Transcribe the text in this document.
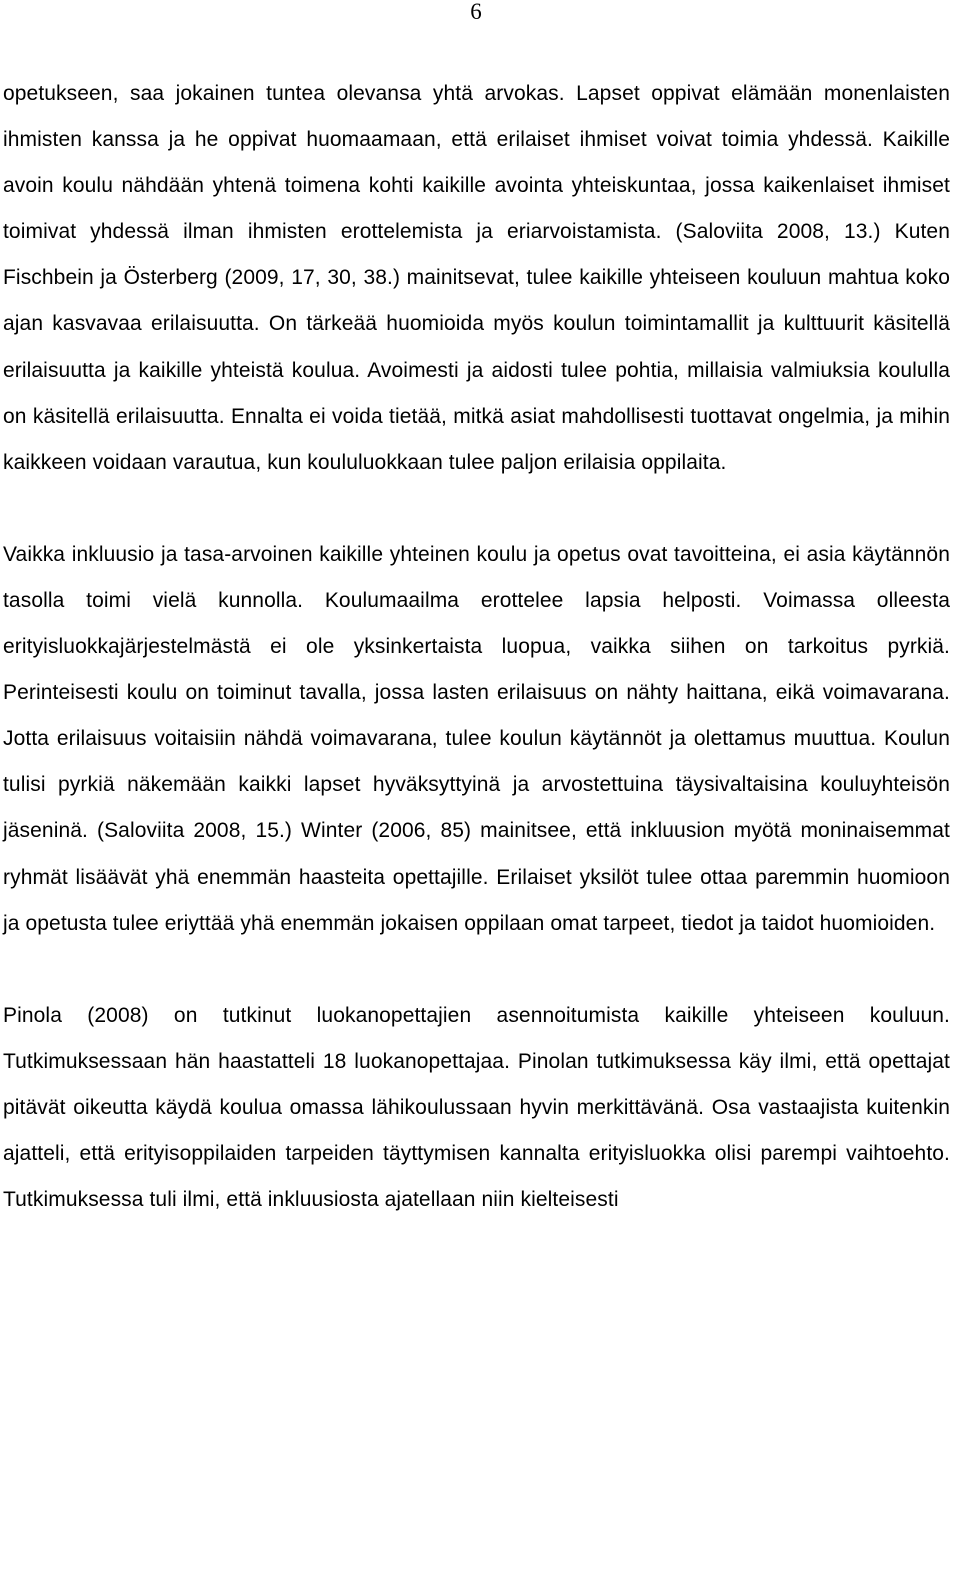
6

opetukseen, saa jokainen tuntea olevansa yhtä arvokas. Lapset oppivat elämään monenlaisten ihmisten kanssa ja he oppivat huomaamaan, että erilaiset ihmiset voivat toimia yhdessä. Kaikille avoin koulu nähdään yhtenä toimena kohti kaikille avointa yhteiskuntaa, jossa kaikenlaiset ihmiset toimivat yhdessä ilman ihmisten erottelemista ja eriarvoistamista. (Saloviita 2008, 13.) Kuten Fischbein ja Österberg (2009, 17, 30, 38.) mainitsevat, tulee kaikille yhteiseen kouluun mahtua koko ajan kasvavaa erilaisuutta. On tärkeää huomioida myös koulun toimintamallit ja kulttuurit käsitellä erilaisuutta ja kaikille yhteistä koulua. Avoimesti ja aidosti tulee pohtia, millaisia valmiuksia koululla on käsitellä erilaisuutta. Ennalta ei voida tietää, mitkä asiat mahdollisesti tuottavat ongelmia, ja mihin kaikkeen voidaan varautua, kun koululuokkaan tulee paljon erilaisia oppilaita.

Vaikka inkluusio ja tasa-arvoinen kaikille yhteinen koulu ja opetus ovat tavoitteina, ei asia käytännön tasolla toimi vielä kunnolla. Koulumaailma erottelee lapsia helposti. Voimassa olleesta erityisluokkajärjestelmästä ei ole yksinkertaista luopua, vaikka siihen on tarkoitus pyrkiä. Perinteisesti koulu on toiminut tavalla, jossa lasten erilaisuus on nähty haittana, eikä voimavarana. Jotta erilaisuus voitaisiin nähdä voimavarana, tulee koulun käytännöt ja olettamus muuttua. Koulun tulisi pyrkiä näkemään kaikki lapset hyväksyttyinä ja arvostettuina täysivaltaisina kouluyhteisön jäseninä. (Saloviita 2008, 15.) Winter (2006, 85) mainitsee, että inkluusion myötä moninaisemmat ryhmät lisäävät yhä enemmän haasteita opettajille. Erilaiset yksilöt tulee ottaa paremmin huomioon ja opetusta tulee eriyttää yhä enemmän jokaisen oppilaan omat tarpeet, tiedot ja taidot huomioiden.

Pinola (2008) on tutkinut luokanopettajien asennoitumista kaikille yhteiseen kouluun. Tutkimuksessaan hän haastatteli 18 luokanopettajaa. Pinolan tutkimuksessa käy ilmi, että opettajat pitävät oikeutta käydä koulua omassa lähikoulussaan hyvin merkittävänä. Osa vastaajista kuitenkin ajatteli, että erityisoppilaiden tarpeiden täyttymisen kannalta erityisluokka olisi parempi vaihtoehto. Tutkimuksessa tuli ilmi, että inkluusiosta ajatellaan niin kielteisesti
